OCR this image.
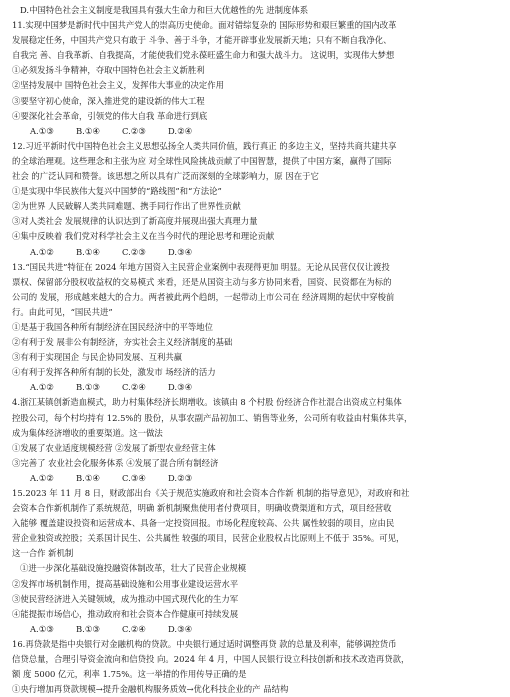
D.中国特色社会主义制度是我国具有强大生命力和巨大优越性的先 进制度体系
11.实现中国梦是新时代中国共产党人的崇高历史使命。面对错综复杂的 国际形势和艰巨繁重的国内改革
发展稳定任务，中国共产党只有敢于 斗争、善于斗争，才能开辟事业发展新天地；只有不断自我净化、
自我完 善、自我革新、自我提高，才能使我们党永葆旺盛生命力和强大战斗力。 这说明，实现伟大梦想
①必须发扬斗争精神，夺取中国特色社会主义新胜利
②坚持发展中 国特色社会主义，发挥伟大事业的决定作用
③要坚守初心使命，深入推进党的建设新的伟大工程
④要深化社会革命，引领党的伟大自我 革命进行到底
A.①③	B.①④	C.②③	D.②④
12.习近平新时代中国特色社会主义思想弘扬全人类共同价值，践行真正 的多边主义，坚持共商共建共享
的全球治理观。这些理念和主张为应 对全球性风险挑战贡献了中国智慧，提供了中国方案，赢得了国际
社会 的广泛认同和赞誉。该思想之所以具有广泛而深刻的全球影响力，原 因在于它
①是实现中华民族伟大复兴中国梦的“路线图”和“方法论”
②为世界 人民破解人类共同难题、携手同行作出了世界性贡献
③对人类社会 发展规律的认识达到了新高度并展现出强大真理力量
④集中反映着 我们党对科学社会主义在当今时代的理论思考和理论贡献
A.①②	B.①④	C.②③	D.③④
13.“国民共进”特征在 2024 年地方国资入主民营企业案例中表现得更加 明显。无论从民营仅仅让渡投
票权、保留部分股权收益权的交易模式 来看，还是从国资主动与多方协同来看，国资、民资都在为标的
公司的 发展，形成越来越大的合力。两者被此两个趋朗，一起带动上市公司在 经济周期的起伏中穿梭前
行。由此可见，“国民共进”
①是基于我国各种所有制经济在国民经济中的平等地位
②有利于发 展非公有制经济，夯实社会主义经济制度的基础
③有利于实现国企 与民企协同发展、互利共赢
④有利于发挥各种所有制的长处，激发市 场经济的活力
A.①②	B.①③	C.②④	D.③④
4.浙江某镇创新造血模式，助力村集体经济长期增收。该镇由 8 个村股 份经济合作社混合出资成立村集体
控股公司，每个村均持有 12.5%的 股份，从事农副产品初加工、销售等业务，公司所有收益由村集体共享，
成为集体经济增收的重要渠道。这一做法
①发展了农业适度规模经营 ②发展了新型农业经营主体
③完善了 农业社会化服务体系 ④发展了混合所有制经济
A.①②	B.①④	C.③④	D.②③
15.2023 年 11 月 8 日，财政部出台《关于规范实施政府和社会资本合作新 机制的指导意见》，对政府和社
会资本合作新机制作了系统规范，明确 新机制聚焦使用者付费项目，明确收费渠道和方式，项目经营收
入能够 覆盖建设投资和运营成本、具备一定投资回报。市场化程度较高、公共 属性较弱的项目，应由民
营企业独资或控股；关系国计民生、公共属性 较强的项目，民营企业股权占比原则上不低于 35%。可见，
这一合作 新机制
①进一步深化基础设施投融资体制改革，壮大了民营企业规模
②发挥市场机制作用，提高基础设施和公用事业建设运营水平
③使民营经济进入关键领域，成为推动中国式现代化的生力军
④能提振市场信心，推动政府和社会资本合作健康可持续发展
A.①③	B.①③	C.②④	D.③④
16.再贷款是指中央银行对金融机构的贷款。中央银行通过适时调整再贷 款的总量及利率，能够调控货币
信贷总量，合理引导资金流向和信贷投 向。2024 年 4 月，中国人民银行设立科技创新和技术改造再贷款，
额 度 5000 亿元，利率 1.75%。这一举措的作用传导正确的是
①央行增加再贷款规模→提升金融机构服务质效→优化科技企业的产 品结构
